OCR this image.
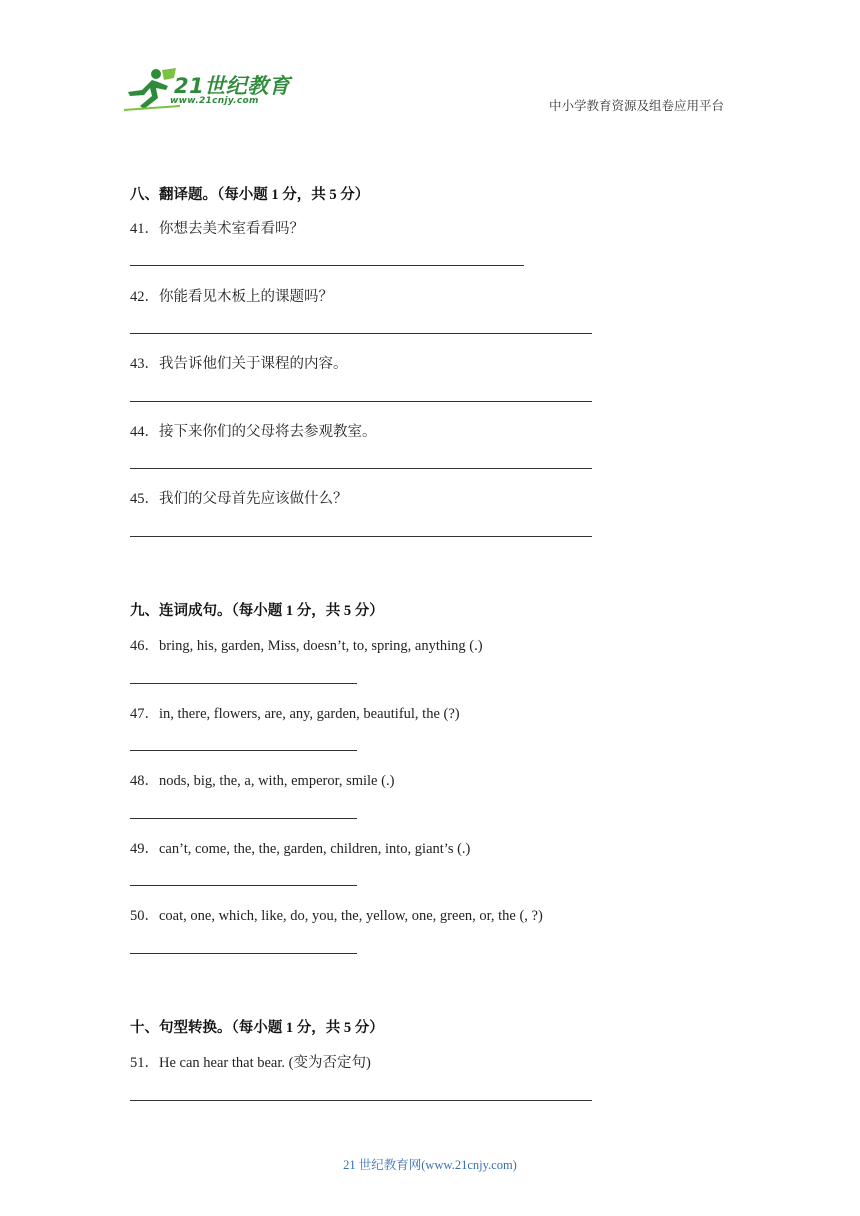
21世纪教育
www.21cnjy.com	中小学教育资源及组卷应用平台
八、翻译题。（每小题 1 分，共 5 分）
41．你想去美术室看看吗？
42．你能看见木板上的课题吗？
43．我告诉他们关于课程的内容。
44．接下来你们的父母将去参观教室。
45．我们的父母首先应该做什么？
九、连词成句。（每小题 1 分，共 5 分）
46．bring, his, garden, Miss, doesn’t, to, spring, anything (.)
47．in, there, flowers, are, any, garden, beautiful, the (?)
48．nods, big, the, a, with, emperor, smile (.)
49．can’t, come, the, the, garden, children, into, giant’s (.)
50．coat, one, which, like, do, you, the, yellow, one, green, or, the (, ?)
十、句型转换。（每小题 1 分，共 5 分）
51．He can hear that bear. (变为否定句)
21 世纪教育网(www.21cnjy.com)
